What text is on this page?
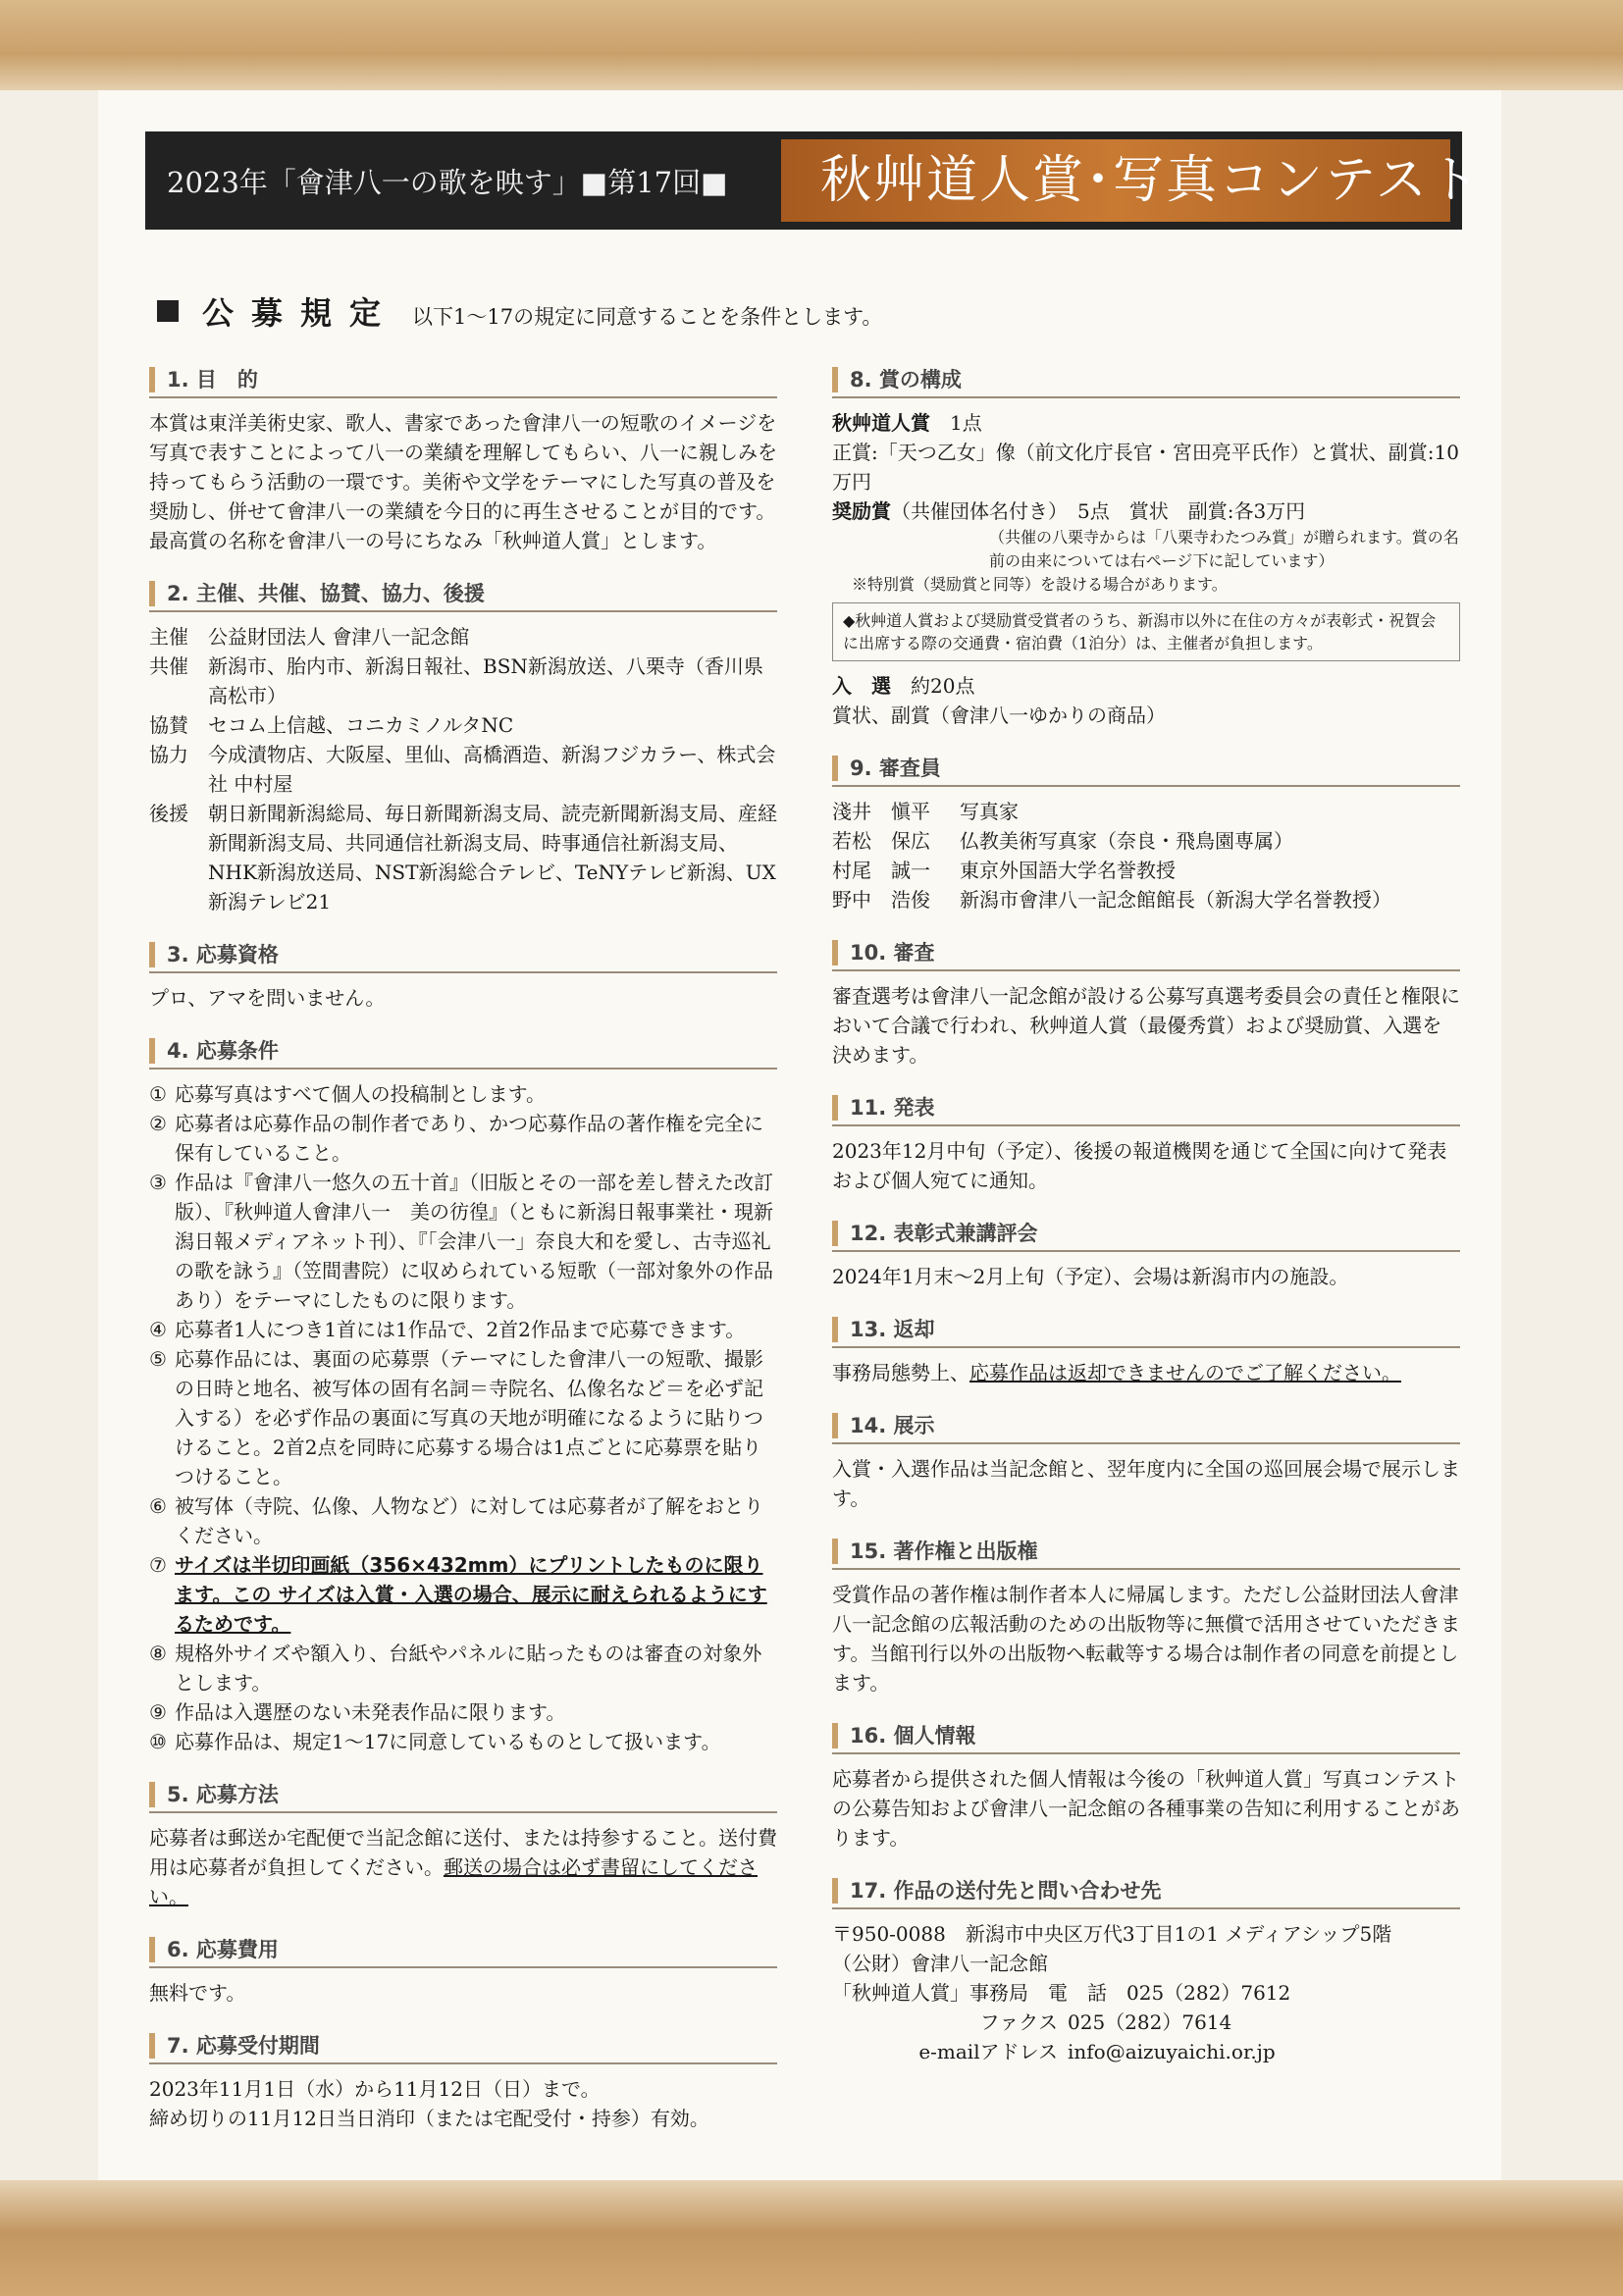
2023年「會津八一の歌を映す」■第17回■	秋艸道人賞･写真コンテスト
公募規定 以下1～17の規定に同意することを条件とします。
1. 目　的

本賞は東洋美術史家、歌人、書家であった會津八一の短歌のイメージを写真で表すことによって八一の業績を理解してもらい、八一に親しみを持ってもらう活動の一環です。美術や文学をテーマにした写真の普及を奨励し、併せて會津八一の業績を今日的に再生させることが目的です。最高賞の名称を會津八一の号にちなみ「秋艸道人賞」とします。

2. 主催、共催、協賛、協力、後援
主催	公益財団法人 會津八一記念館
共催	新潟市、胎内市、新潟日報社、BSN新潟放送、八栗寺（香川県高松市）
協賛	セコム上信越、コニカミノルタNC
協力	今成漬物店、大阪屋、里仙、高橋酒造、新潟フジカラー、株式会社 中村屋
後援	朝日新聞新潟総局、毎日新聞新潟支局、読売新聞新潟支局、産経新聞新潟支局、共同通信社新潟支局、時事通信社新潟支局、NHK新潟放送局、NST新潟総合テレビ、TeNYテレビ新潟、UX新潟テレビ21
3. 応募資格

プロ、アマを問いません。

4. 応募条件
① 応募写真はすべて個人の投稿制とします。
② 応募者は応募作品の制作者であり、かつ応募作品の著作権を完全に保有していること。
③ 作品は『會津八一悠久の五十首』（旧版とその一部を差し替えた改訂版）、『秋艸道人會津八一　美の彷徨』（ともに新潟日報事業社・現新潟日報メディアネット刊）、『「会津八一」奈良大和を愛し、古寺巡礼の歌を詠う』（笠間書院）に収められている短歌（一部対象外の作品あり）をテーマにしたものに限ります。
④ 応募者1人につき1首には1作品で、2首2作品まで応募できます。
⑤ 応募作品には、裏面の応募票（テーマにした會津八一の短歌、撮影の日時と地名、被写体の固有名詞＝寺院名、仏像名など＝を必ず記入する）を必ず作品の裏面に写真の天地が明確になるように貼りつけること。2首2点を同時に応募する場合は1点ごとに応募票を貼りつけること。
⑥ 被写体（寺院、仏像、人物など）に対しては応募者が了解をおとりください。
⑦ サイズは半切印画紙（356×432mm）にプリントしたものに限ります。この サイズは入賞・入選の場合、展示に耐えられるようにするためです。
⑧ 規格外サイズや額入り、台紙やパネルに貼ったものは審査の対象外とします。
⑨ 作品は入選歴のない未発表作品に限ります。
⑩ 応募作品は、規定1～17に同意しているものとして扱います。
5. 応募方法

応募者は郵送か宅配便で当記念館に送付、または持参すること。送付費用は応募者が負担してください。郵送の場合は必ず書留にしてください。

6. 応募費用

無料です。

7. 応募受付期間

2023年11月1日（水）から11月12日（日）まで。

締め切りの11月12日当日消印（または宅配受付・持参）有効。

8. 賞の構成

秋艸道人賞　 1点

正賞:「天つ乙女」像（前文化庁長官・宮田亮平氏作）と賞状、副賞:10万円

奨励賞（共催団体名付き）　5点　賞状　副賞:各3万円

（共催の八栗寺からは「八栗寺わたつみ賞」が贈られます。賞の名前の由来については右ページ下に記しています）

※特別賞（奨励賞と同等）を設ける場合があります。

◆秋艸道人賞および奨励賞受賞者のうち、新潟市以外に在住の方々が表彰式・祝賀会に出席する際の交通費・宿泊費（1泊分）は、主催者が負担します。

入　選　 約20点

賞状、副賞（會津八一ゆかりの商品）

9. 審査員
淺井　愼平	写真家
若松　保広	仏教美術写真家（奈良・飛鳥園専属）
村尾　誠一	東京外国語大学名誉教授
野中　浩俊	新潟市會津八一記念館館長（新潟大学名誉教授）
10. 審査

審査選考は會津八一記念館が設ける公募写真選考委員会の責任と権限において合議で行われ、秋艸道人賞（最優秀賞）および奨励賞、入選を決めます。

11. 発表

2023年12月中旬（予定）、後援の報道機関を通じて全国に向けて発表および個人宛てに通知。

12. 表彰式兼講評会

2024年1月末～2月上旬（予定）、会場は新潟市内の施設。

13. 返却

事務局態勢上、応募作品は返却できませんのでご了解ください。

14. 展示

入賞・入選作品は当記念館と、翌年度内に全国の巡回展会場で展示します。

15. 著作権と出版権

受賞作品の著作権は制作者本人に帰属します。ただし公益財団法人會津八一記念館の広報活動のための出版物等に無償で活用させていただきます。当館刊行以外の出版物へ転載等する場合は制作者の同意を前提とします。

16. 個人情報

応募者から提供された個人情報は今後の「秋艸道人賞」写真コンテストの公募告知および會津八一記念館の各種事業の告知に利用することがあります。

17. 作品の送付先と問い合わせ先

〒950-0088　新潟市中央区万代3丁目1の1 メディアシップ5階

（公財）會津八一記念館

「秋艸道人賞」事務局
　 電　話
　 025（282）7612
ファクス 025（282）7614
e-mailアドレス info@aizuyaichi.or.jp
